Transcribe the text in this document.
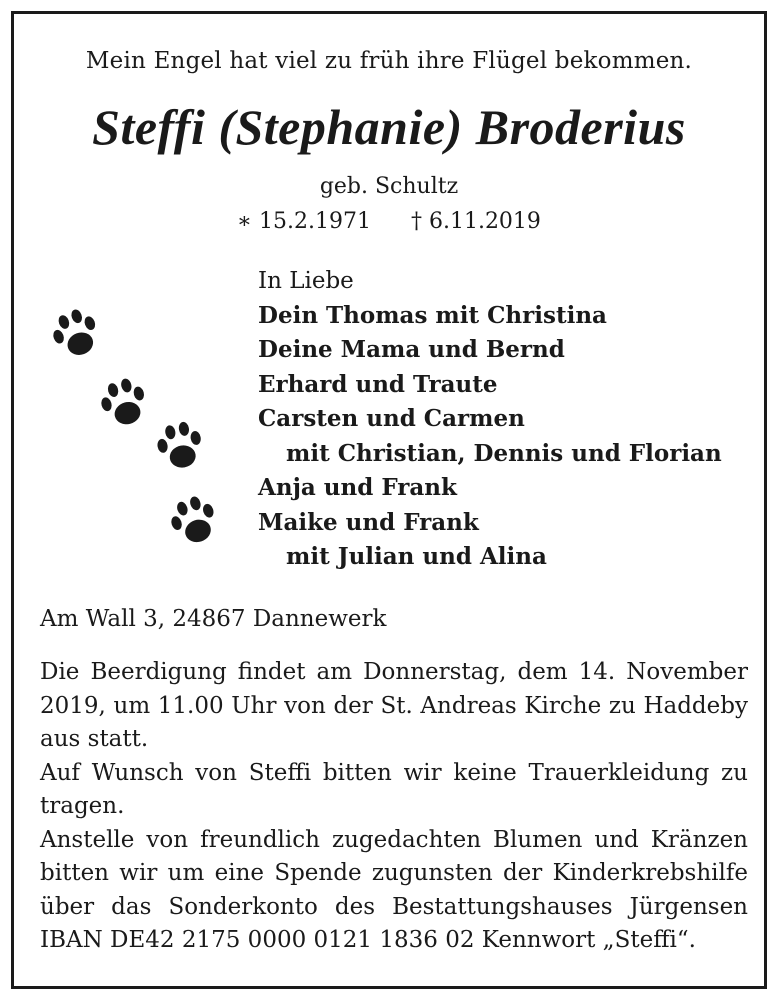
Mein Engel hat viel zu früh ihre Flügel bekommen.
Steffi (Stephanie) Broderius
geb. Schultz
∗ 15.2.1971 † 6.11.2019
In Liebe
Dein Thomas mit Christina
Deine Mama und Bernd
Erhard und Traute
Carsten und Carmen
mit Christian, Dennis und Florian
Anja und Frank
Maike und Frank
mit Julian und Alina
Am Wall 3, 24867 Dannewerk

Die Beerdigung findet am Donnerstag, dem 14. November 2019, um 11.00 Uhr von der St. Andreas Kirche zu Haddeby aus statt.

Auf Wunsch von Steffi bitten wir keine Trauerkleidung zu tragen.

Anstelle von freundlich zugedachten Blumen und Kränzen bitten wir um eine Spende zugunsten der Kinderkrebshilfe über das Sonderkonto des Bestattungshauses Jürgensen IBAN DE42 2175 0000 0121 1836 02 Kennwort „Steffi“.
